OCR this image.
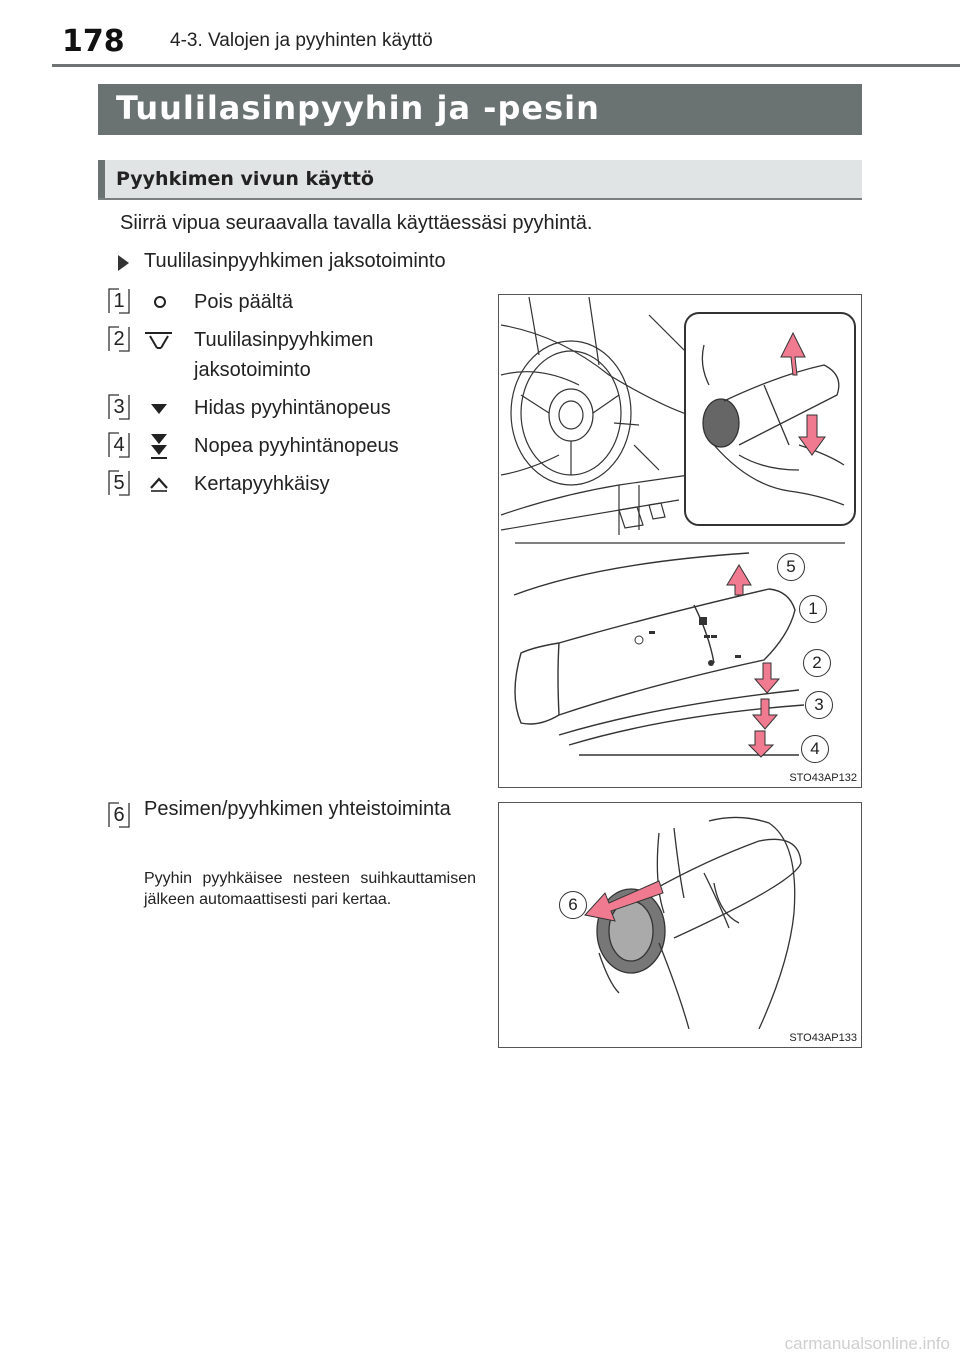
178 4-3. Valojen ja pyyhinten käyttö
Tuulilasinpyyhin ja -pesin
Pyyhkimen vivun käyttö
Siirrä vipua seuraavalla tavalla käyttäessäsi pyyhintä.
Tuulilasinpyyhkimen jaksotoiminto
1	Pois päältä
2	Tuulilasinpyyhkimen jaksotoiminto
3	Hidas pyyhintänopeus
4	Nopea pyyhintänopeus
5	Kertapyyhkäisy
5
1
2
3
4
STO43AP132
6 Pesimen/pyyhkimen yhteistoiminta
Pyyhin pyyhkäisee nesteen suihkauttamisen jälkeen automaattisesti pari kertaa.	6
STO43AP133
carmanualsonline.info
